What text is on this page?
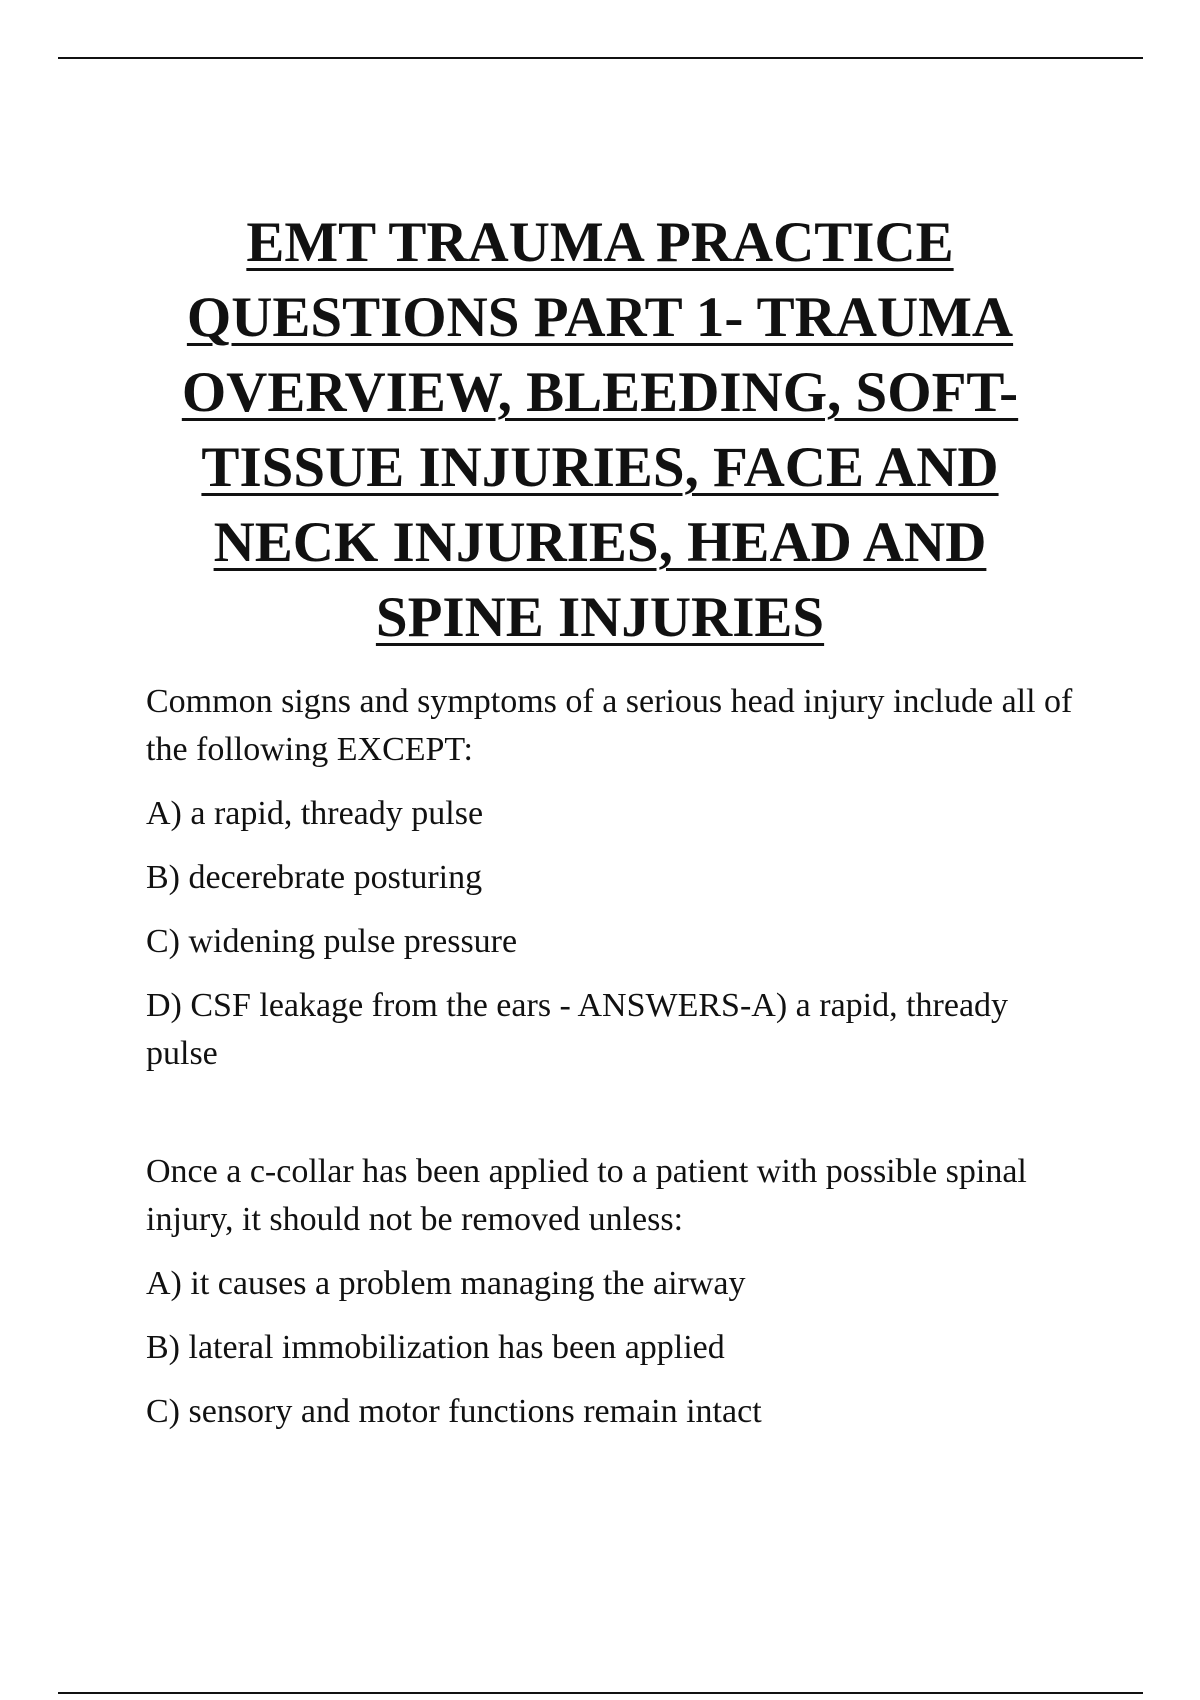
EMT TRAUMA PRACTICE QUESTIONS PART 1- TRAUMA OVERVIEW, BLEEDING, SOFT-TISSUE INJURIES, FACE AND NECK INJURIES, HEAD AND SPINE INJURIES

Common signs and symptoms of a serious head injury include all of the following EXCEPT:

A) a rapid, thready pulse

B) decerebrate posturing

C) widening pulse pressure

D) CSF leakage from the ears - ANSWERS-A) a rapid, thready pulse

Once a c-collar has been applied to a patient with possible spinal injury, it should not be removed unless:

A) it causes a problem managing the airway

B) lateral immobilization has been applied

C) sensory and motor functions remain intact
